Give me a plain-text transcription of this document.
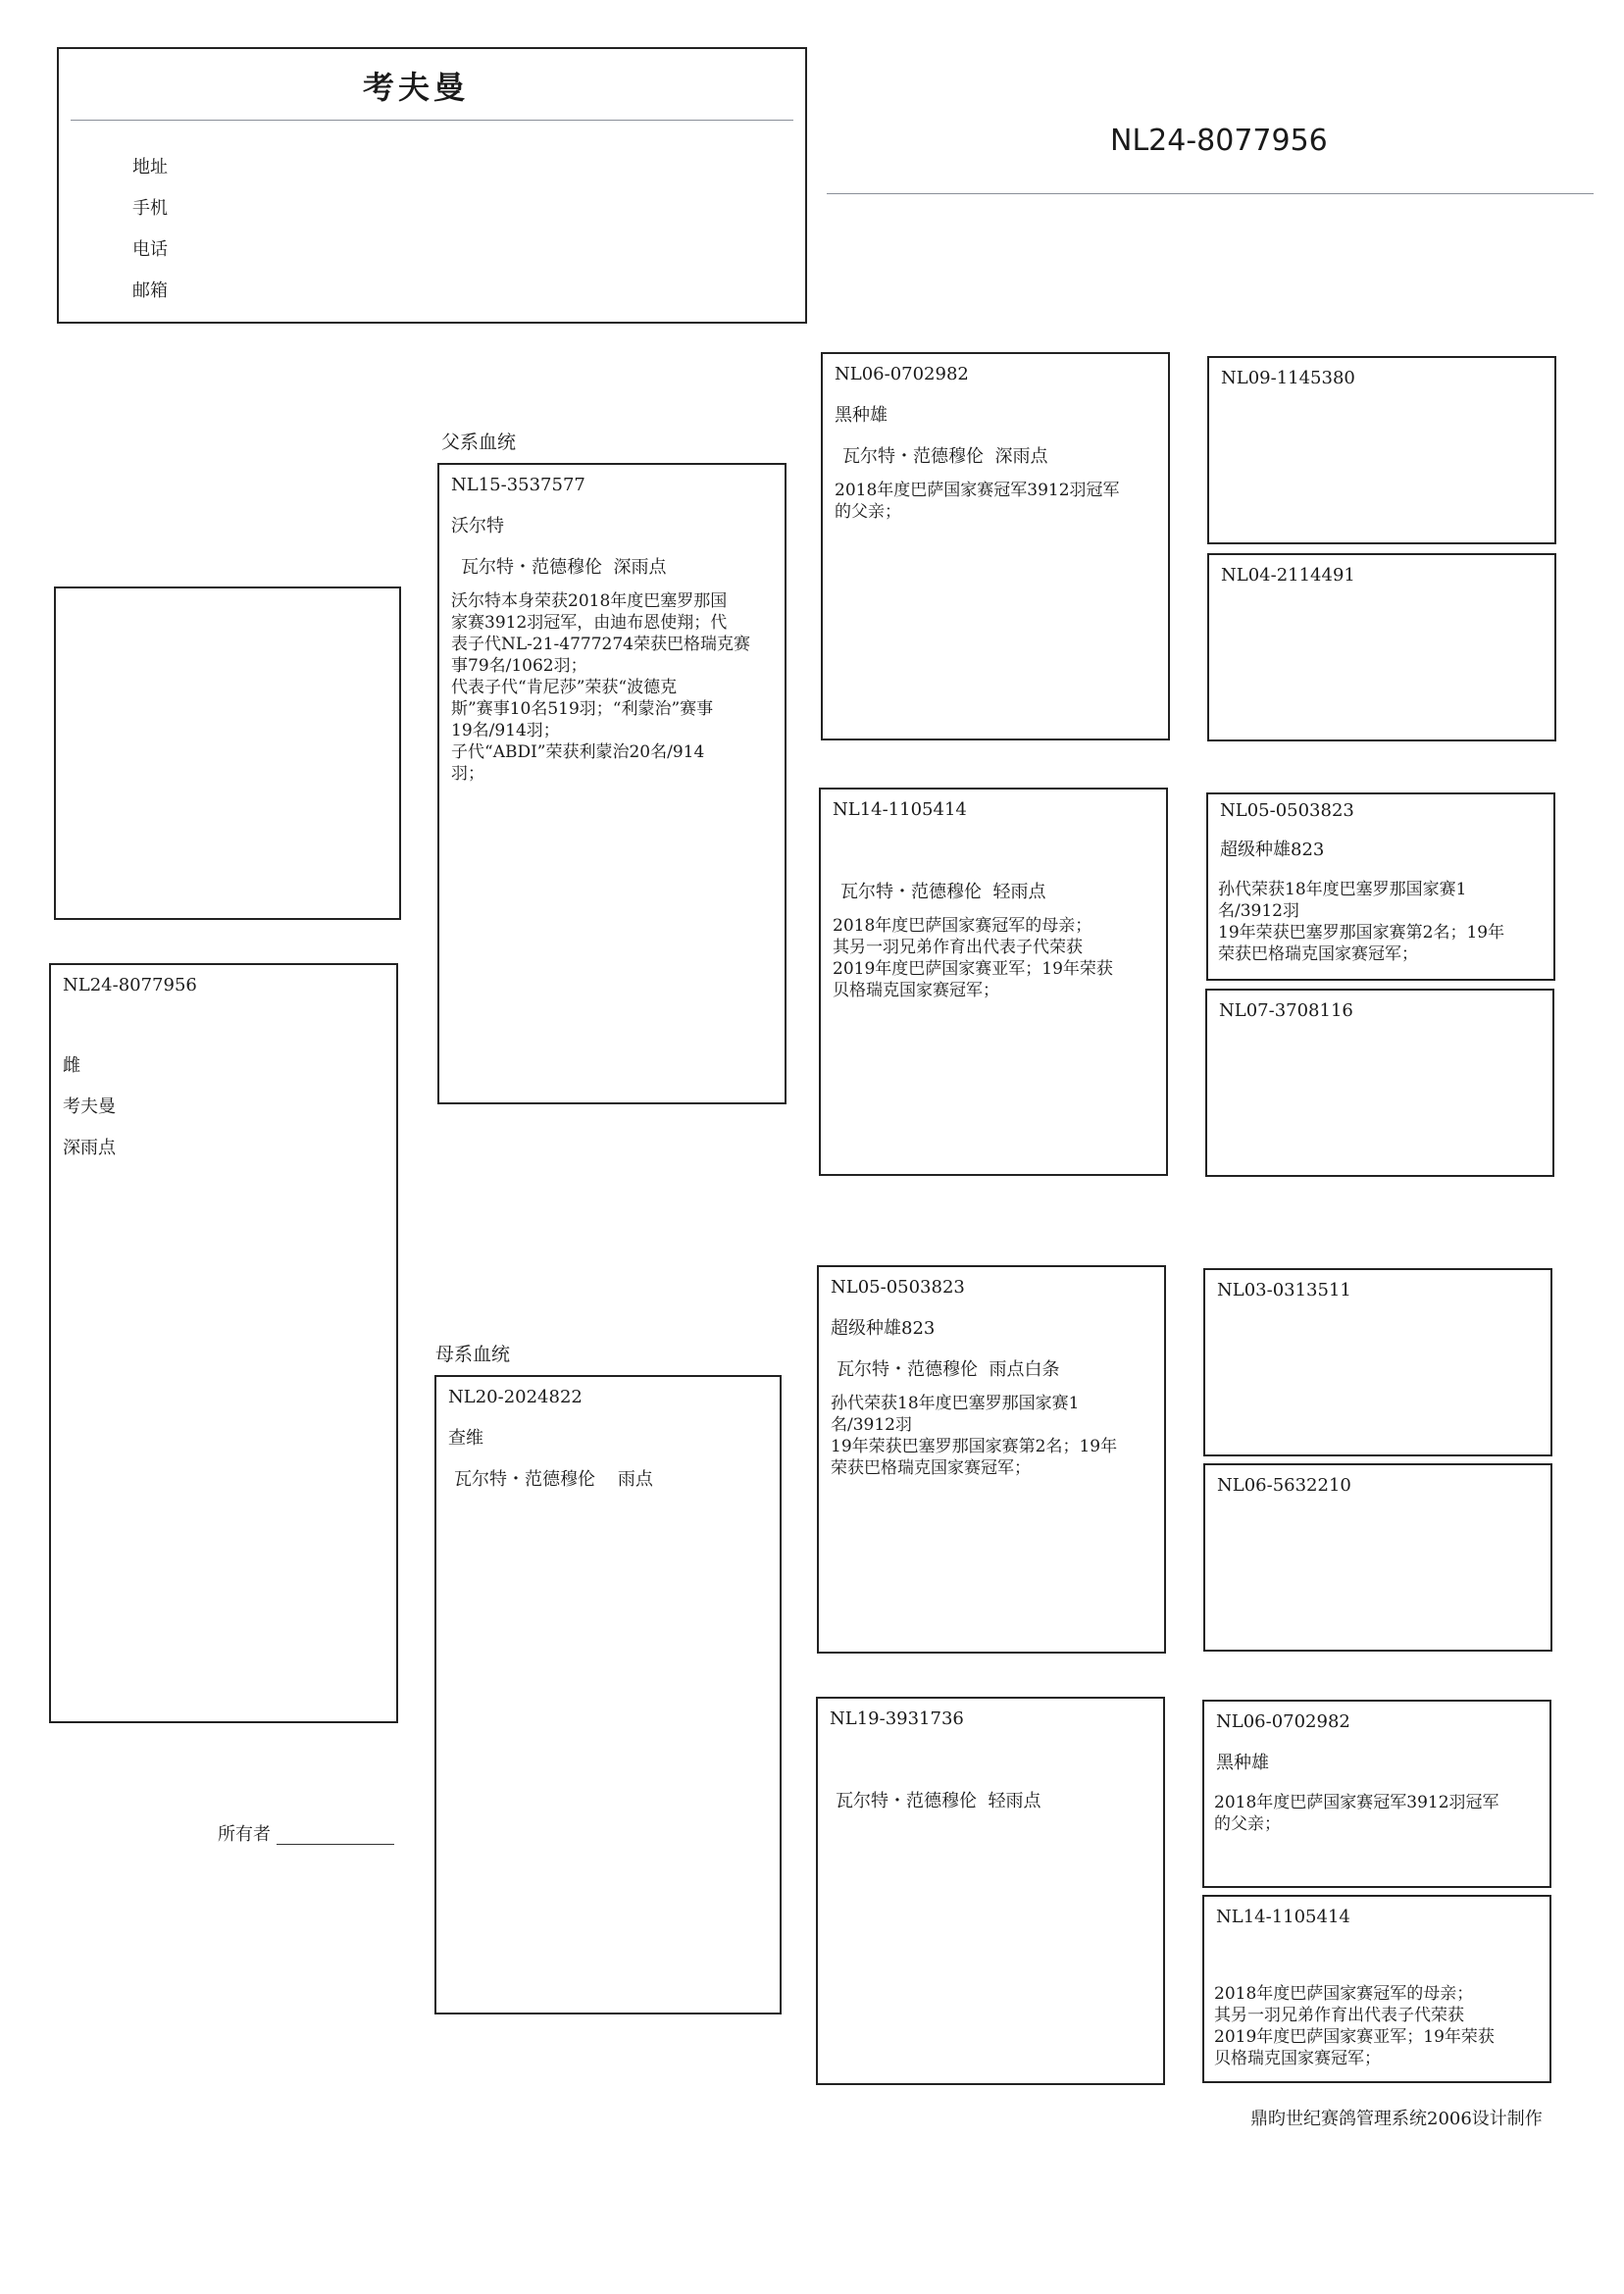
考夫曼
地址
手机
电话
邮箱
NL24-8077956
NL24-8077956
雌
考夫曼
深雨点
所有者
父系血统
NL15-3537577
沃尔特
瓦尔特・范德穆伦  深雨点
沃尔特本身荣获2018年度巴塞罗那国
家赛3912羽冠军，由迪布恩使翔；代
表子代NL-21-4777274荣获巴格瑞克赛
事79名/1062羽；
代表子代“肯尼莎”荣获“波德克
斯”赛事10名519羽；“利蒙治”赛事
19名/914羽；
子代“ABDI”荣获利蒙治20名/914
羽；
母系血统
NL20-2024822
查维
瓦尔特・范德穆伦    雨点
NL06-0702982
黑种雄
瓦尔特・范德穆伦  深雨点
2018年度巴萨国家赛冠军3912羽冠军
的父亲；
NL14-1105414
瓦尔特・范德穆伦  轻雨点
2018年度巴萨国家赛冠军的母亲；
其另一羽兄弟作育出代表子代荣获
2019年度巴萨国家赛亚军；19年荣获
贝格瑞克国家赛冠军；
NL05-0503823
超级种雄823
瓦尔特・范德穆伦  雨点白条
孙代荣获18年度巴塞罗那国家赛1
名/3912羽
19年荣获巴塞罗那国家赛第2名；19年
荣获巴格瑞克国家赛冠军；
NL19-3931736
瓦尔特・范德穆伦  轻雨点
NL09-1145380
NL04-2114491
NL05-0503823
超级种雄823
孙代荣获18年度巴塞罗那国家赛1
名/3912羽
19年荣获巴塞罗那国家赛第2名；19年
荣获巴格瑞克国家赛冠军；
NL07-3708116
NL03-0313511
NL06-5632210
NL06-0702982
黑种雄
2018年度巴萨国家赛冠军3912羽冠军
的父亲；
NL14-1105414
2018年度巴萨国家赛冠军的母亲；
其另一羽兄弟作育出代表子代荣获
2019年度巴萨国家赛亚军；19年荣获
贝格瑞克国家赛冠军；
鼎昀世纪赛鸽管理系统2006设计制作
